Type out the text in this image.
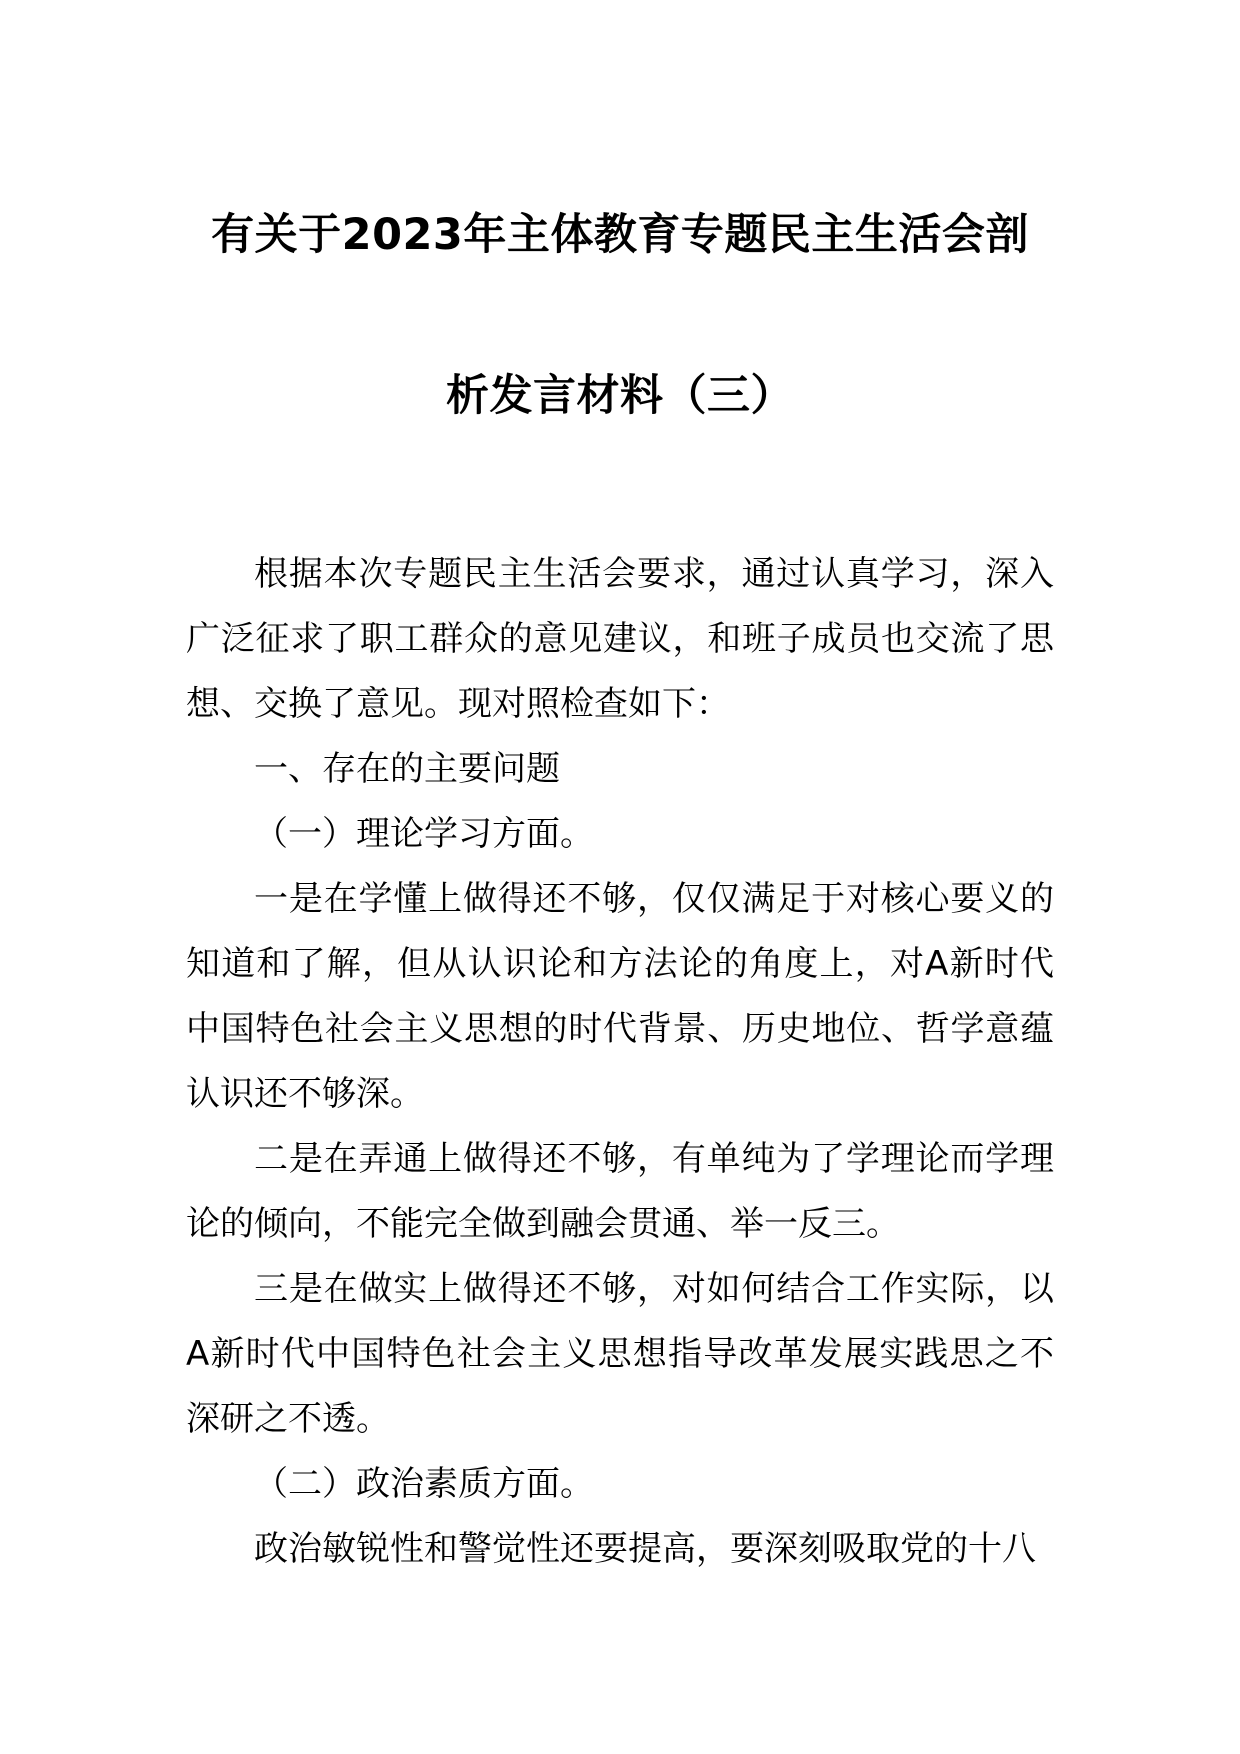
有关于2023年主体教育专题民主生活会剖
析发言材料（三）

根据本次专题民主生活会要求，通过认真学习，深入广泛征求了职工群众的意见建议，和班子成员也交流了思想、交换了意见。现对照检查如下：

一、存在的主要问题

（一）理论学习方面。

一是在学懂上做得还不够，仅仅满足于对核心要义的知道和了解，但从认识论和方法论的角度上，对A新时代中国特色社会主义思想的时代背景、历史地位、哲学意蕴认识还不够深。

二是在弄通上做得还不够，有单纯为了学理论而学理论的倾向，不能完全做到融会贯通、举一反三。

三是在做实上做得还不够，对如何结合工作实际，以A新时代中国特色社会主义思想指导改革发展实践思之不深研之不透。

（二）政治素质方面。

政治敏锐性和警觉性还要提高，要深刻吸取党的十八
